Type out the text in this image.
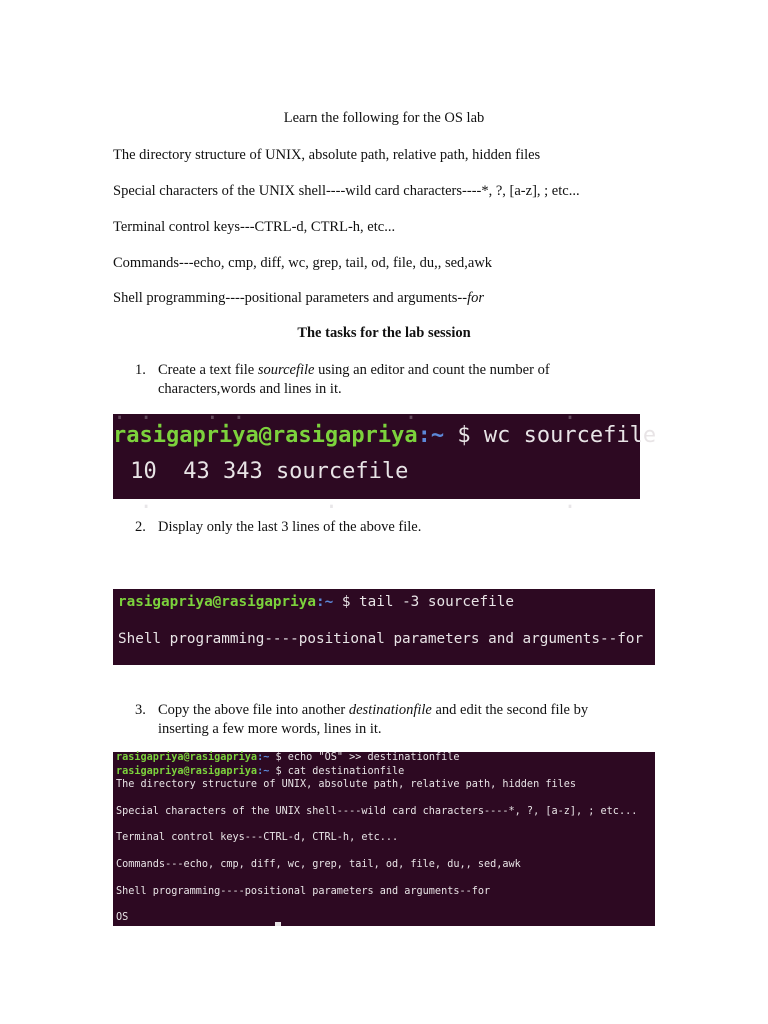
Learn the following for the OS lab
The directory structure of UNIX, absolute path, relative path, hidden files
Special characters of the UNIX shell----wild card characters----*, ?, [a-z], ; etc...
Terminal control keys---CTRL-d, CTRL-h, etc...
Commands---echo, cmp, diff, wc, grep, tail, od, file, du,, sed,awk
Shell programming----positional parameters and arguments--for
The tasks for the lab session
1. Create a text file sourcefile using an editor and count the number of characters,words and lines in it.

. .    . .            .           .

rasigapriya@rasigapriya:~ $ wc sourcefile

10  43 343 sourcefile

.             .                 .

2. Display only the last 3 lines of the above file.

rasigapriya@rasigapriya:~ $ tail -3 sourcefile

Shell programming----positional parameters and arguments--for

3. Copy the above file into another destinationfile and edit the second file by inserting a few more words, lines in it.

rasigapriya@rasigapriya:~ $ echo "OS" >> destinationfile

rasigapriya@rasigapriya:~ $ cat destinationfile

The directory structure of UNIX, absolute path, relative path, hidden files

Special characters of the UNIX shell----wild card characters----*, ?, [a-z], ; etc...

Terminal control keys---CTRL-d, CTRL-h, etc...

Commands---echo, cmp, diff, wc, grep, tail, od, file, du,, sed,awk

Shell programming----positional parameters and arguments--for

OS
